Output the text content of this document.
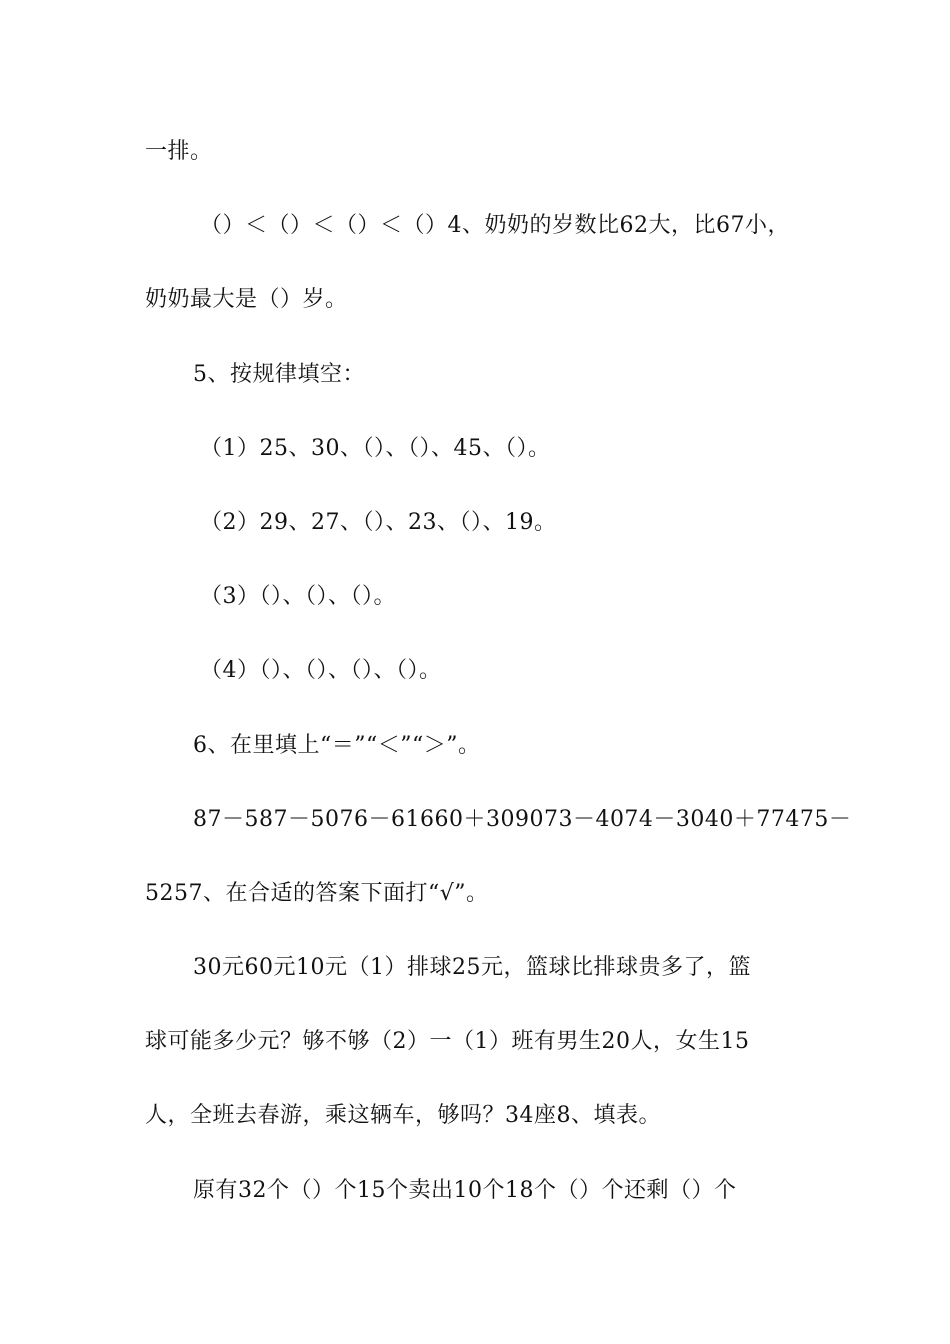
一排。
（）＜（）＜（）＜（）4、奶奶的岁数比62大，比67小，
奶奶最大是（）岁。
5、按规律填空：
（1）25、30、（）、（）、45、（）。
（2）29、27、（）、23、（）、19。
（3）（）、（）、（）。
（4）（）、（）、（）、（）。
6、在里填上“＝”“＜”“＞”。
87－587－5076－61660＋309073－4074－3040＋77475－
5257、在合适的答案下面打“√”。
30元60元10元（1）排球25元，篮球比排球贵多了，篮
球可能多少元？够不够（2）一（1）班有男生20人，女生15
人，全班去春游，乘这辆车，够吗？34座8、填表。
原有32个（）个15个卖出10个18个（）个还剩（）个
